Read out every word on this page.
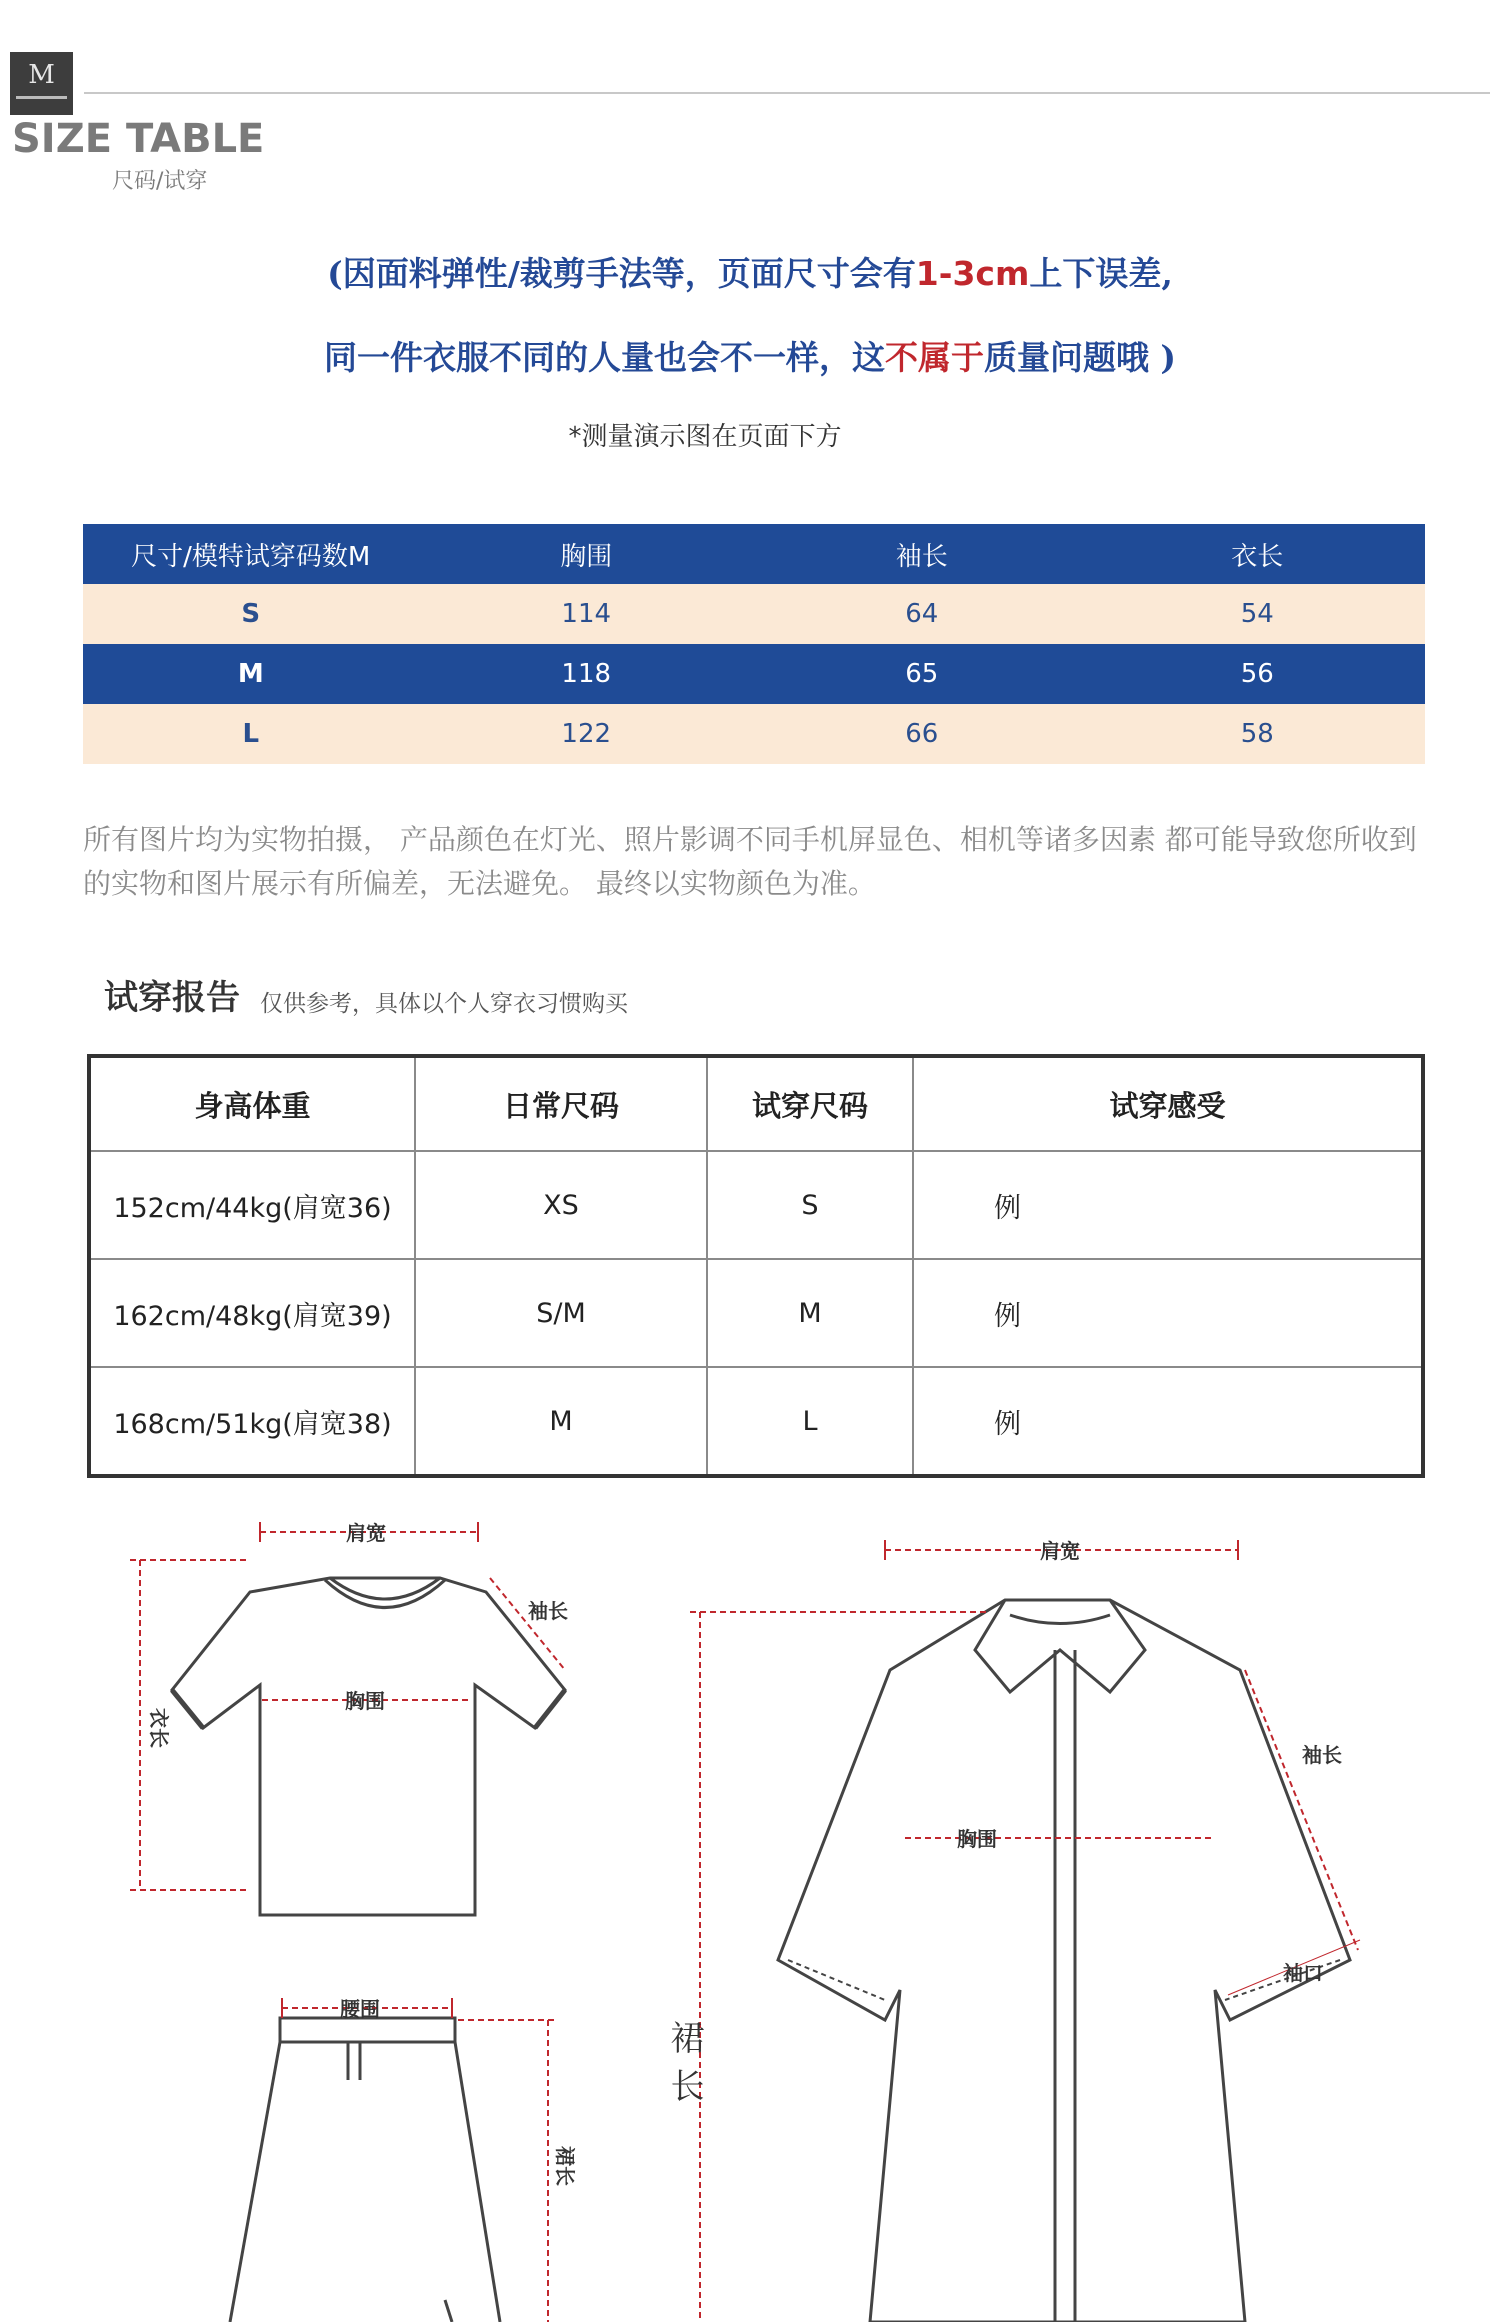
M
SIZE TABLE
尺码/试穿
(因面料弹性/裁剪手法等，页面尺寸会有1-3cm上下误差,
同一件衣服不同的人量也会不一样，这不属于质量问题哦 )
*测量演示图在页面下方
尺寸/模特试穿码数M	胸围	袖长	衣长
S	114	64	54
M	118	65	56
L	122	66	58
所有图片均为实物拍摄， 产品颜色在灯光、照片影调不同手机屏显色、相机等诸多因素 都可能导致您所收到的实物和图片展示有所偏差，无法避免。 最终以实物颜色为准。
试穿报告 仅供参考，具体以个人穿衣习惯购买
身高体重	日常尺码	试穿尺码	试穿感受
152cm/44kg(肩宽36)	XS	S	例
162cm/48kg(肩宽39)	S/M	M	例
168cm/51kg(肩宽38)	M	L	例
肩宽
袖长
胸围
衣长
腰围
裙长
肩宽
袖长
胸围
袖口
裙长
